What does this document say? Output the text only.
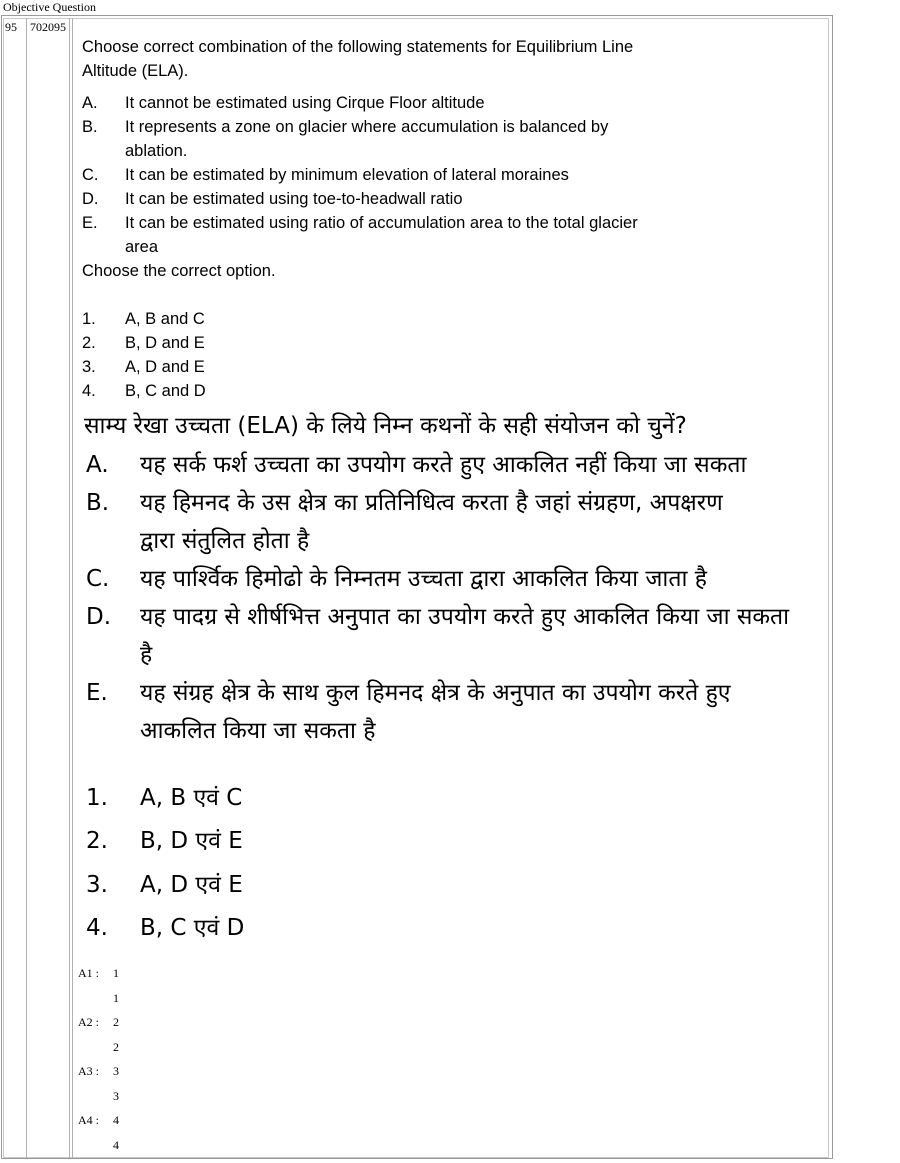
Objective Question
95 702095
Choose correct combination of the following statements for Equilibrium Line
Altitude (ELA).
A. It cannot be estimated using Cirque Floor altitude
B. It represents a zone on glacier where accumulation is balanced by
ablation.
C. It can be estimated by minimum elevation of lateral moraines
D. It can be estimated using toe-to-headwall ratio
E. It can be estimated using ratio of accumulation area to the total glacier
area
Choose the correct option.
1. A, B and C
2. B, D and E
3. A, D and E
4. B, C and D
साम्य रेखा उच्चता (ELA) के लिये निम्न कथनों के सही संयोजन को चुनें?
A. यह सर्क फर्श उच्चता का उपयोग करते हुए आकलित नहीं किया जा सकता
B. यह हिमनद के उस क्षेत्र का प्रतिनिधित्व करता है जहां संग्रहण, अपक्षरण
द्वारा संतुलित होता है
C. यह पार्श्विक हिमोढो के निम्नतम उच्चता द्वारा आकलित किया जाता है
D. यह पादग्र से शीर्षभित्त अनुपात का उपयोग करते हुए आकलित किया जा सकता
है
E. यह संग्रह क्षेत्र के साथ कुल हिमनद क्षेत्र के अनुपात का उपयोग करते हुए
आकलित किया जा सकता है
1. A, B एवं C
2. B, D एवं E
3. A, D एवं E
4. B, C एवं D
A1 : 1
1
A2 : 2
2
A3 : 3
3
A4 : 4
4
